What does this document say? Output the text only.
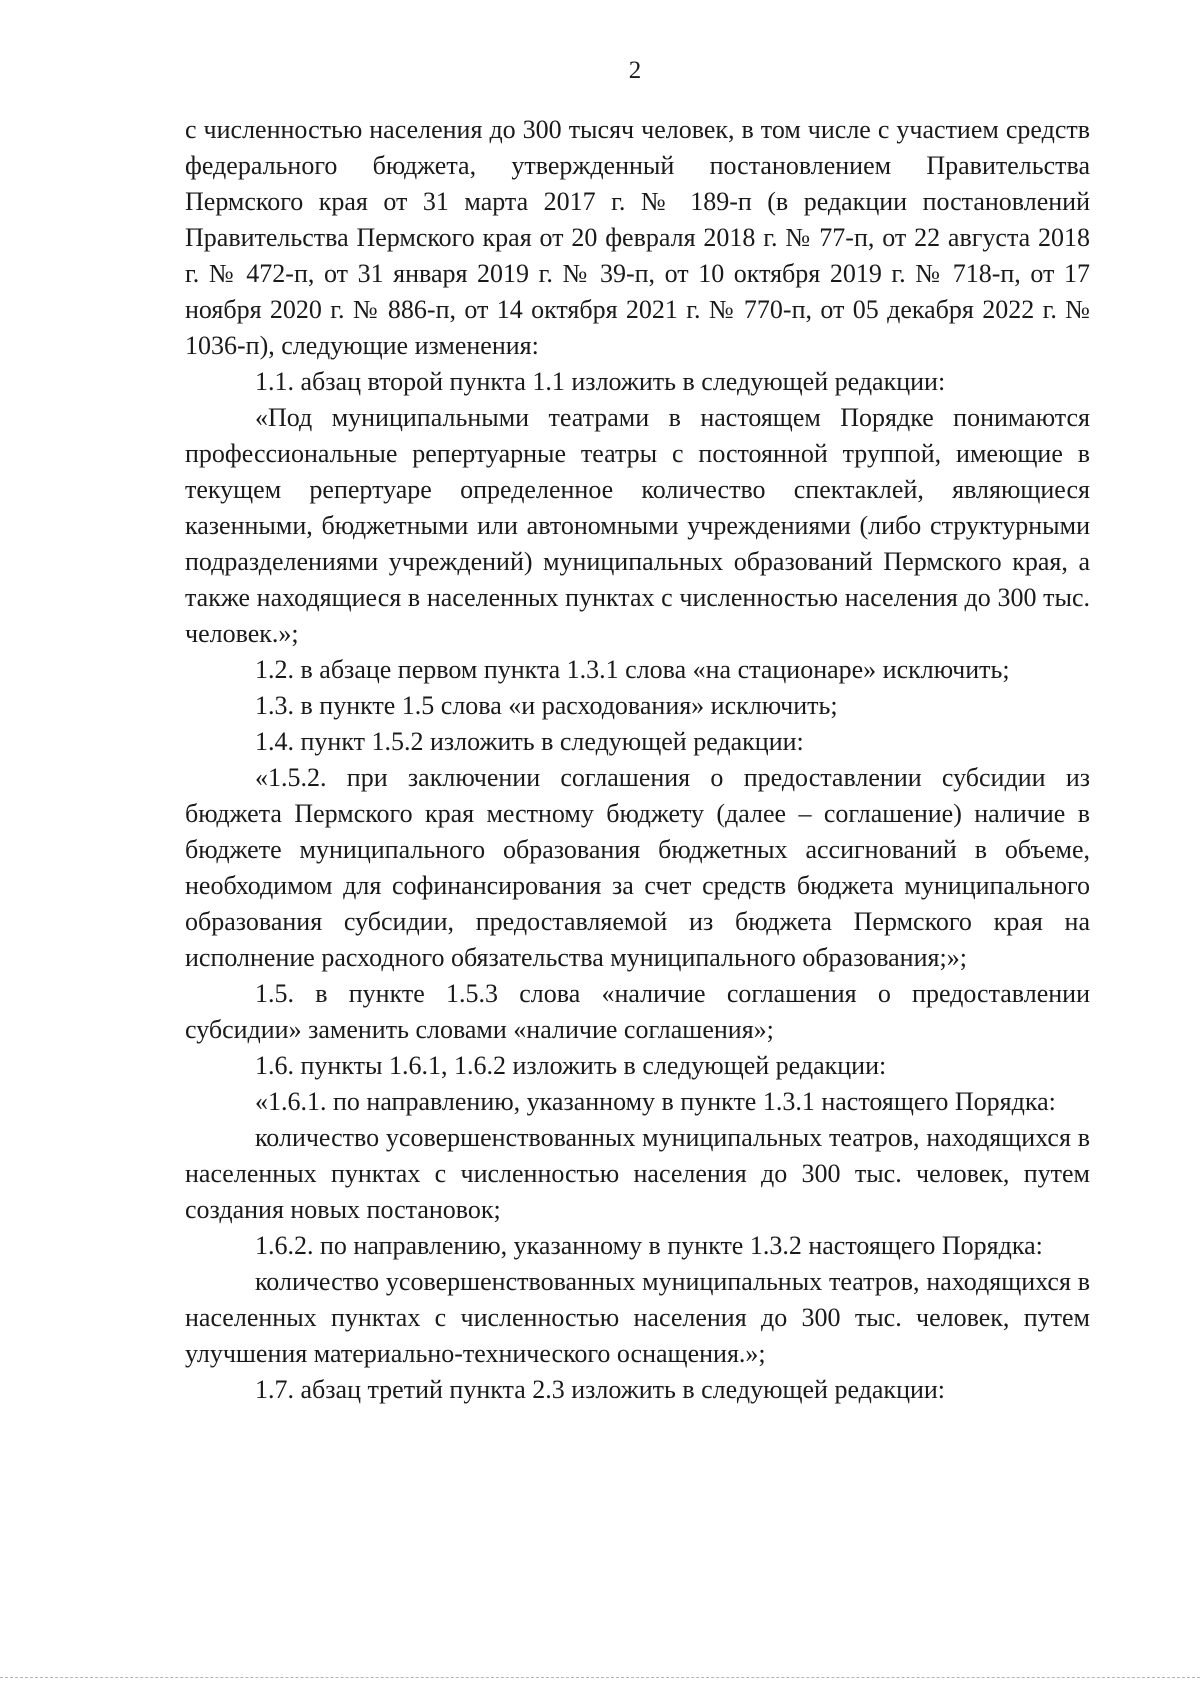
2

с численностью населения до 300 тысяч человек, в том числе с участием средств федерального бюджета, утвержденный постановлением Правительства Пермского края от 31 марта 2017 г. № 189-п (в редакции постановлений Правительства Пермского края от 20 февраля 2018 г. № 77-п, от 22 августа 2018 г. № 472-п, от 31 января 2019 г. № 39-п, от 10 октября 2019 г. № 718-п, от 17 ноября 2020 г. № 886-п, от 14 октября 2021 г. № 770-п, от 05 декабря 2022 г. № 1036-п), следующие изменения:

1.1. абзац второй пункта 1.1 изложить в следующей редакции:

«Под муниципальными театрами в настоящем Порядке понимаются профессиональные репертуарные театры с постоянной труппой, имеющие в текущем репертуаре определенное количество спектаклей, являющиеся казенными, бюджетными или автономными учреждениями (либо структурными подразделениями учреждений) муниципальных образований Пермского края, а также находящиеся в населенных пунктах с численностью населения до 300 тыс. человек.»;

1.2. в абзаце первом пункта 1.3.1 слова «на стационаре» исключить;

1.3. в пункте 1.5 слова «и расходования» исключить;

1.4. пункт 1.5.2 изложить в следующей редакции:

«1.5.2. при заключении соглашения о предоставлении субсидии из бюджета Пермского края местному бюджету (далее – соглашение) наличие в бюджете муниципального образования бюджетных ассигнований в объеме, необходимом для софинансирования за счет средств бюджета муниципального образования субсидии, предоставляемой из бюджета Пермского края на исполнение расходного обязательства муниципального образования;»;

1.5. в пункте 1.5.3 слова «наличие соглашения о предоставлении субсидии» заменить словами «наличие соглашения»;

1.6. пункты 1.6.1, 1.6.2 изложить в следующей редакции:

«1.6.1. по направлению, указанному в пункте 1.3.1 настоящего Порядка:

количество усовершенствованных муниципальных театров, находящихся в населенных пунктах с численностью населения до 300 тыс. человек, путем создания новых постановок;

1.6.2. по направлению, указанному в пункте 1.3.2 настоящего Порядка:

количество усовершенствованных муниципальных театров, находящихся в населенных пунктах с численностью населения до 300 тыс. человек, путем улучшения материально-технического оснащения.»;

1.7. абзац третий пункта 2.3 изложить в следующей редакции:
